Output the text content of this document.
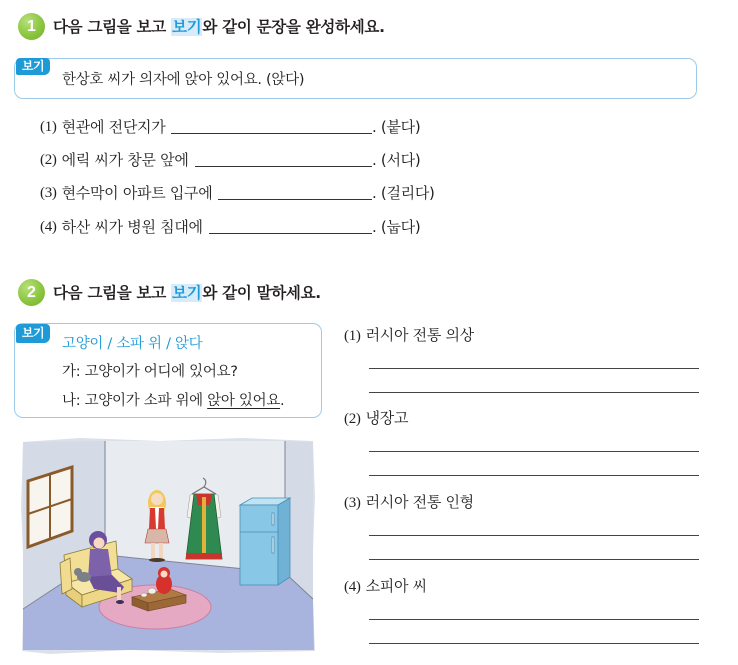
1	다음 그림을 보고 보기와 같이 문장을 완성하세요.
보기
한상호 씨가 의자에 앉아 있어요. (앉다)
(1) 현관에 전단지가	. (붙다)
(2) 에릭 씨가 창문 앞에	. (서다)
(3) 현수막이 아파트 입구에	. (걸리다)
(4) 하산 씨가 병원 침대에	. (눕다)
2	다음 그림을 보고 보기와 같이 말하세요.
보기
고양이 / 소파 위 / 앉다
가: 고양이가 어디에 있어요?
나: 고양이가 소파 위에 앉아 있어요.
(1) 러시아 전통 의상
(2) 냉장고
(3) 러시아 전통 인형
(4) 소피아 씨
